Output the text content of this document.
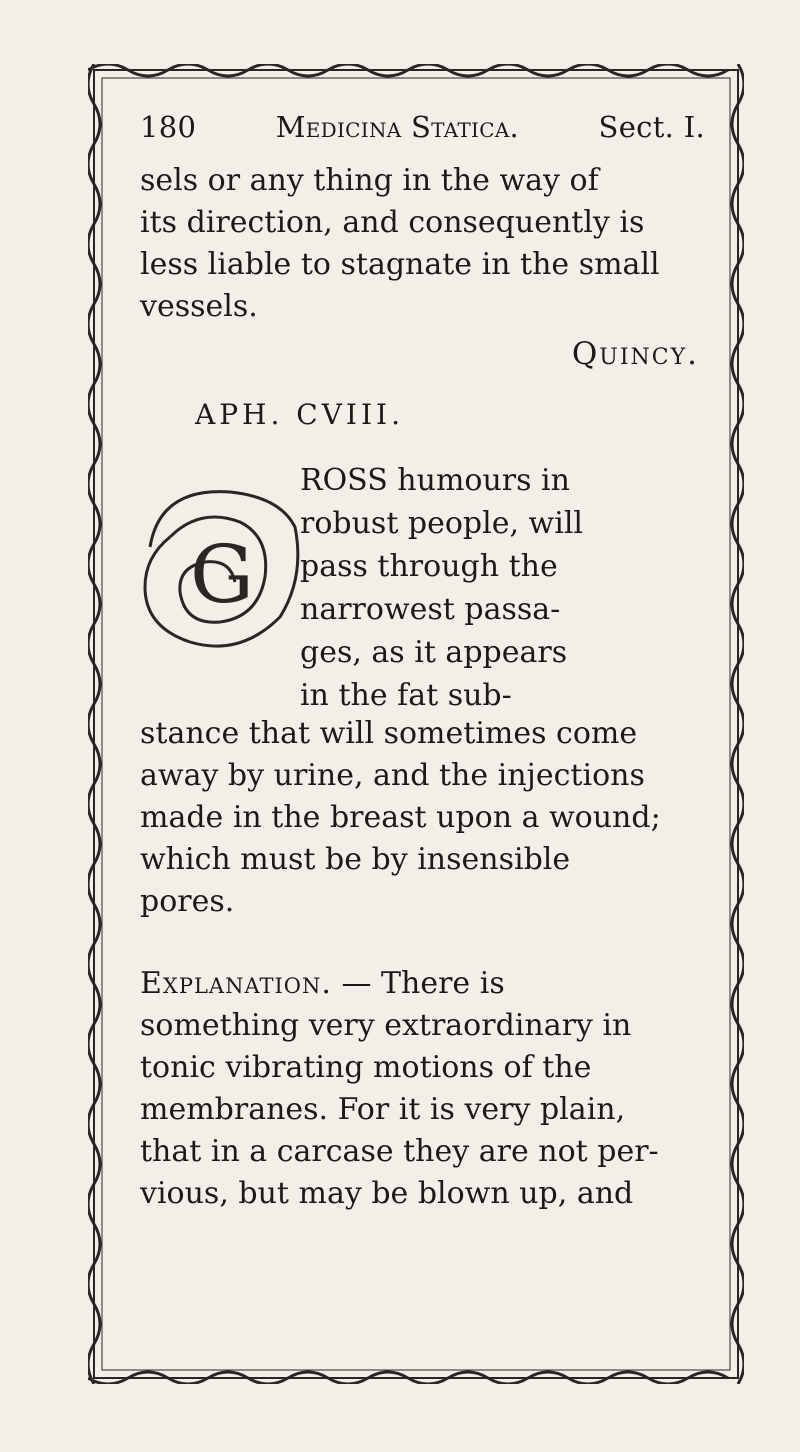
180	Medicina Statica.	Sect. I.

sels or any thing in the way of
its direction, and consequently is
less liable to stagnate in the small
vessels.

Quincy.
APH. CVIII.
G
ROSS humours in
robust people, will
pass through the
narrowest passa-
ges, as it appears
in the fat sub-
stance that will sometimes come
away by urine, and the injections
made in the breast upon a wound;
which must be by insensible
pores.
Explanation. — There is
something very extraordinary in
tonic vibrating motions of the
membranes. For it is very plain,
that in a carcase they are not per-
vious, but may be blown up, and
